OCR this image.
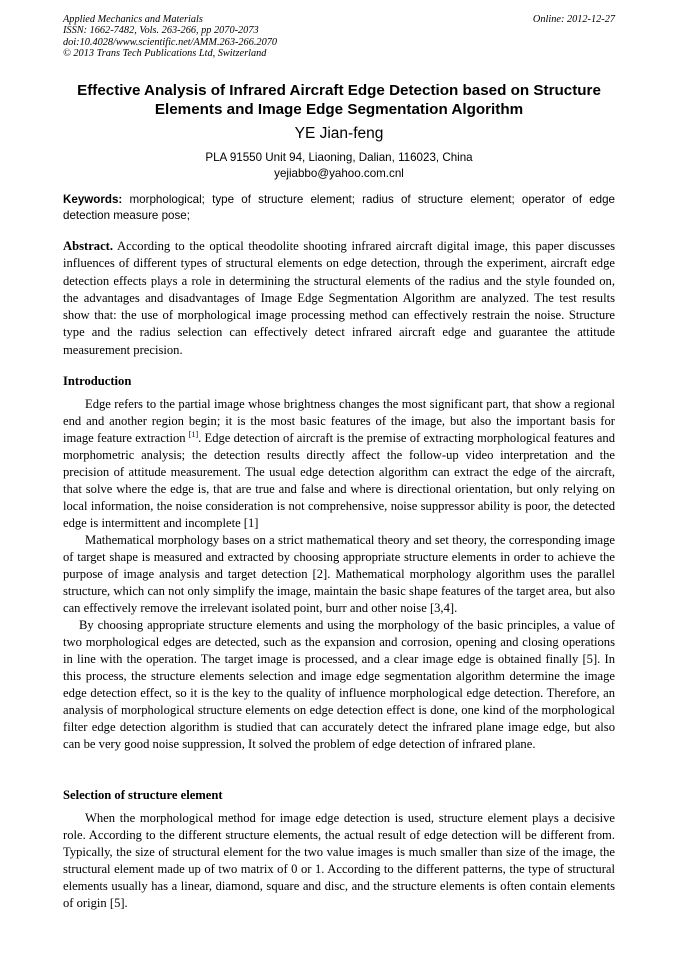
Applied Mechanics and Materials
ISSN: 1662-7482, Vols. 263-266, pp 2070-2073
doi:10.4028/www.scientific.net/AMM.263-266.2070
© 2013 Trans Tech Publications Ltd, Switzerland
Online: 2012-12-27
Effective Analysis of Infrared Aircraft Edge Detection based on Structure
Elements and Image Edge Segmentation Algorithm
YE Jian-feng
PLA 91550 Unit 94, Liaoning, Dalian, 116023, China
yejiabbo@yahoo.com.cnl
Keywords: morphological; type of structure element; radius of structure element; operator of edge detection measure pose;
Abstract. According to the optical theodolite shooting infrared aircraft digital image, this paper discusses influences of different types of structural elements on edge detection, through the experiment, aircraft edge detection effects plays a role in determining the structural elements of the radius and the style founded on, the advantages and disadvantages of Image Edge Segmentation Algorithm are analyzed. The test results show that: the use of morphological image processing method can effectively restrain the noise. Structure type and the radius selection can effectively detect infrared aircraft edge and guarantee the attitude measurement precision.
Introduction

Edge refers to the partial image whose brightness changes the most significant part, that show a regional end and another region begin; it is the most basic features of the image, but also the important basis for image feature extraction [1]. Edge detection of aircraft is the premise of extracting morphological features and morphometric analysis; the detection results directly affect the follow-up video interpretation and the precision of attitude measurement. The usual edge detection algorithm can extract the edge of the aircraft, that solve where the edge is, that are true and false and where is directional orientation, but only relying on local information, the noise consideration is not comprehensive, noise suppressor ability is poor, the detected edge is intermittent and incomplete [1]

Mathematical morphology bases on a strict mathematical theory and set theory, the corresponding image of target shape is measured and extracted by choosing appropriate structure elements in order to achieve the purpose of image analysis and target detection [2]. Mathematical morphology algorithm uses the parallel structure, which can not only simplify the image, maintain the basic shape features of the target area, but also can effectively remove the irrelevant isolated point, burr and other noise [3,4].

By choosing appropriate structure elements and using the morphology of the basic principles, a value of two morphological edges are detected, such as the expansion and corrosion, opening and closing operations in line with the operation. The target image is processed, and a clear image edge is obtained finally [5]. In this process, the structure elements selection and image edge segmentation algorithm determine the image edge detection effect, so it is the key to the quality of influence morphological edge detection. Therefore, an analysis of morphological structure elements on edge detection effect is done, one kind of the morphological filter edge detection algorithm is studied that can accurately detect the infrared plane image edge, but also can be very good noise suppression, It solved the problem of edge detection of infrared plane.

Selection of structure element

When the morphological method for image edge detection is used, structure element plays a decisive role. According to the different structure elements, the actual result of edge detection will be different from. Typically, the size of structural element for the two value images is much smaller than size of the image, the structural element made up of two matrix of 0 or 1. According to the different patterns, the type of structural elements usually has a linear, diamond, square and disc, and the structure elements is often contain elements of origin [5].
